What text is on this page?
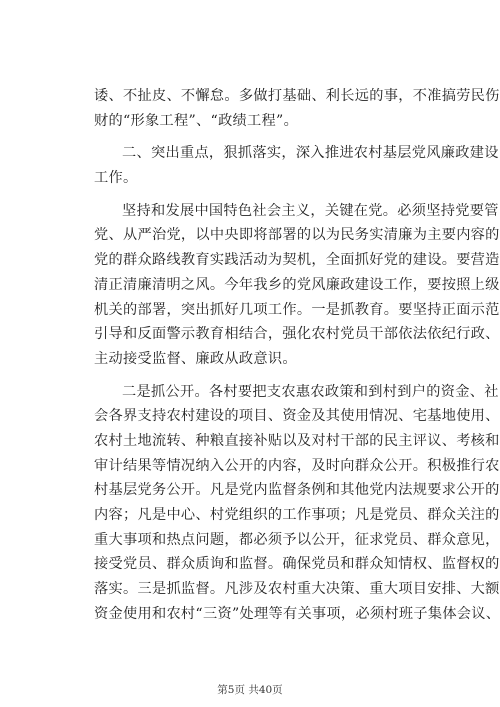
诿、不扯皮、不懈怠。多做打基础、利长远的事，不准搞劳民伤
财的“形象工程”、“政绩工程”。
二、突出重点，狠抓落实，深入推进农村基层党风廉政建设
工作。
坚持和发展中国特色社会主义，关键在党。必须坚持党要管
党、从严治党，以中央即将部署的以为民务实清廉为主要内容的
党的群众路线教育实践活动为契机，全面抓好党的建设。要营造
清正清廉清明之风。今年我乡的党风廉政建设工作，要按照上级
机关的部署，突出抓好几项工作。一是抓教育。要坚持正面示范
引导和反面警示教育相结合，强化农村党员干部依法依纪行政、
主动接受监督、廉政从政意识。
二是抓公开。各村要把支农惠农政策和到村到户的资金、社
会各界支持农村建设的项目、资金及其使用情况、宅基地使用、
农村土地流转、种粮直接补贴以及对村干部的民主评议、考核和
审计结果等情况纳入公开的内容，及时向群众公开。积极推行农
村基层党务公开。凡是党内监督条例和其他党内法规要求公开的
内容；凡是中心、村党组织的工作事项；凡是党员、群众关注的
重大事项和热点问题，都必须予以公开，征求党员、群众意见，
接受党员、群众质询和监督。确保党员和群众知情权、监督权的
落实。三是抓监督。凡涉及农村重大决策、重大项目安排、大额
资金使用和农村“三资”处理等有关事项，必须村班子集体会议、
第5页 共40页
